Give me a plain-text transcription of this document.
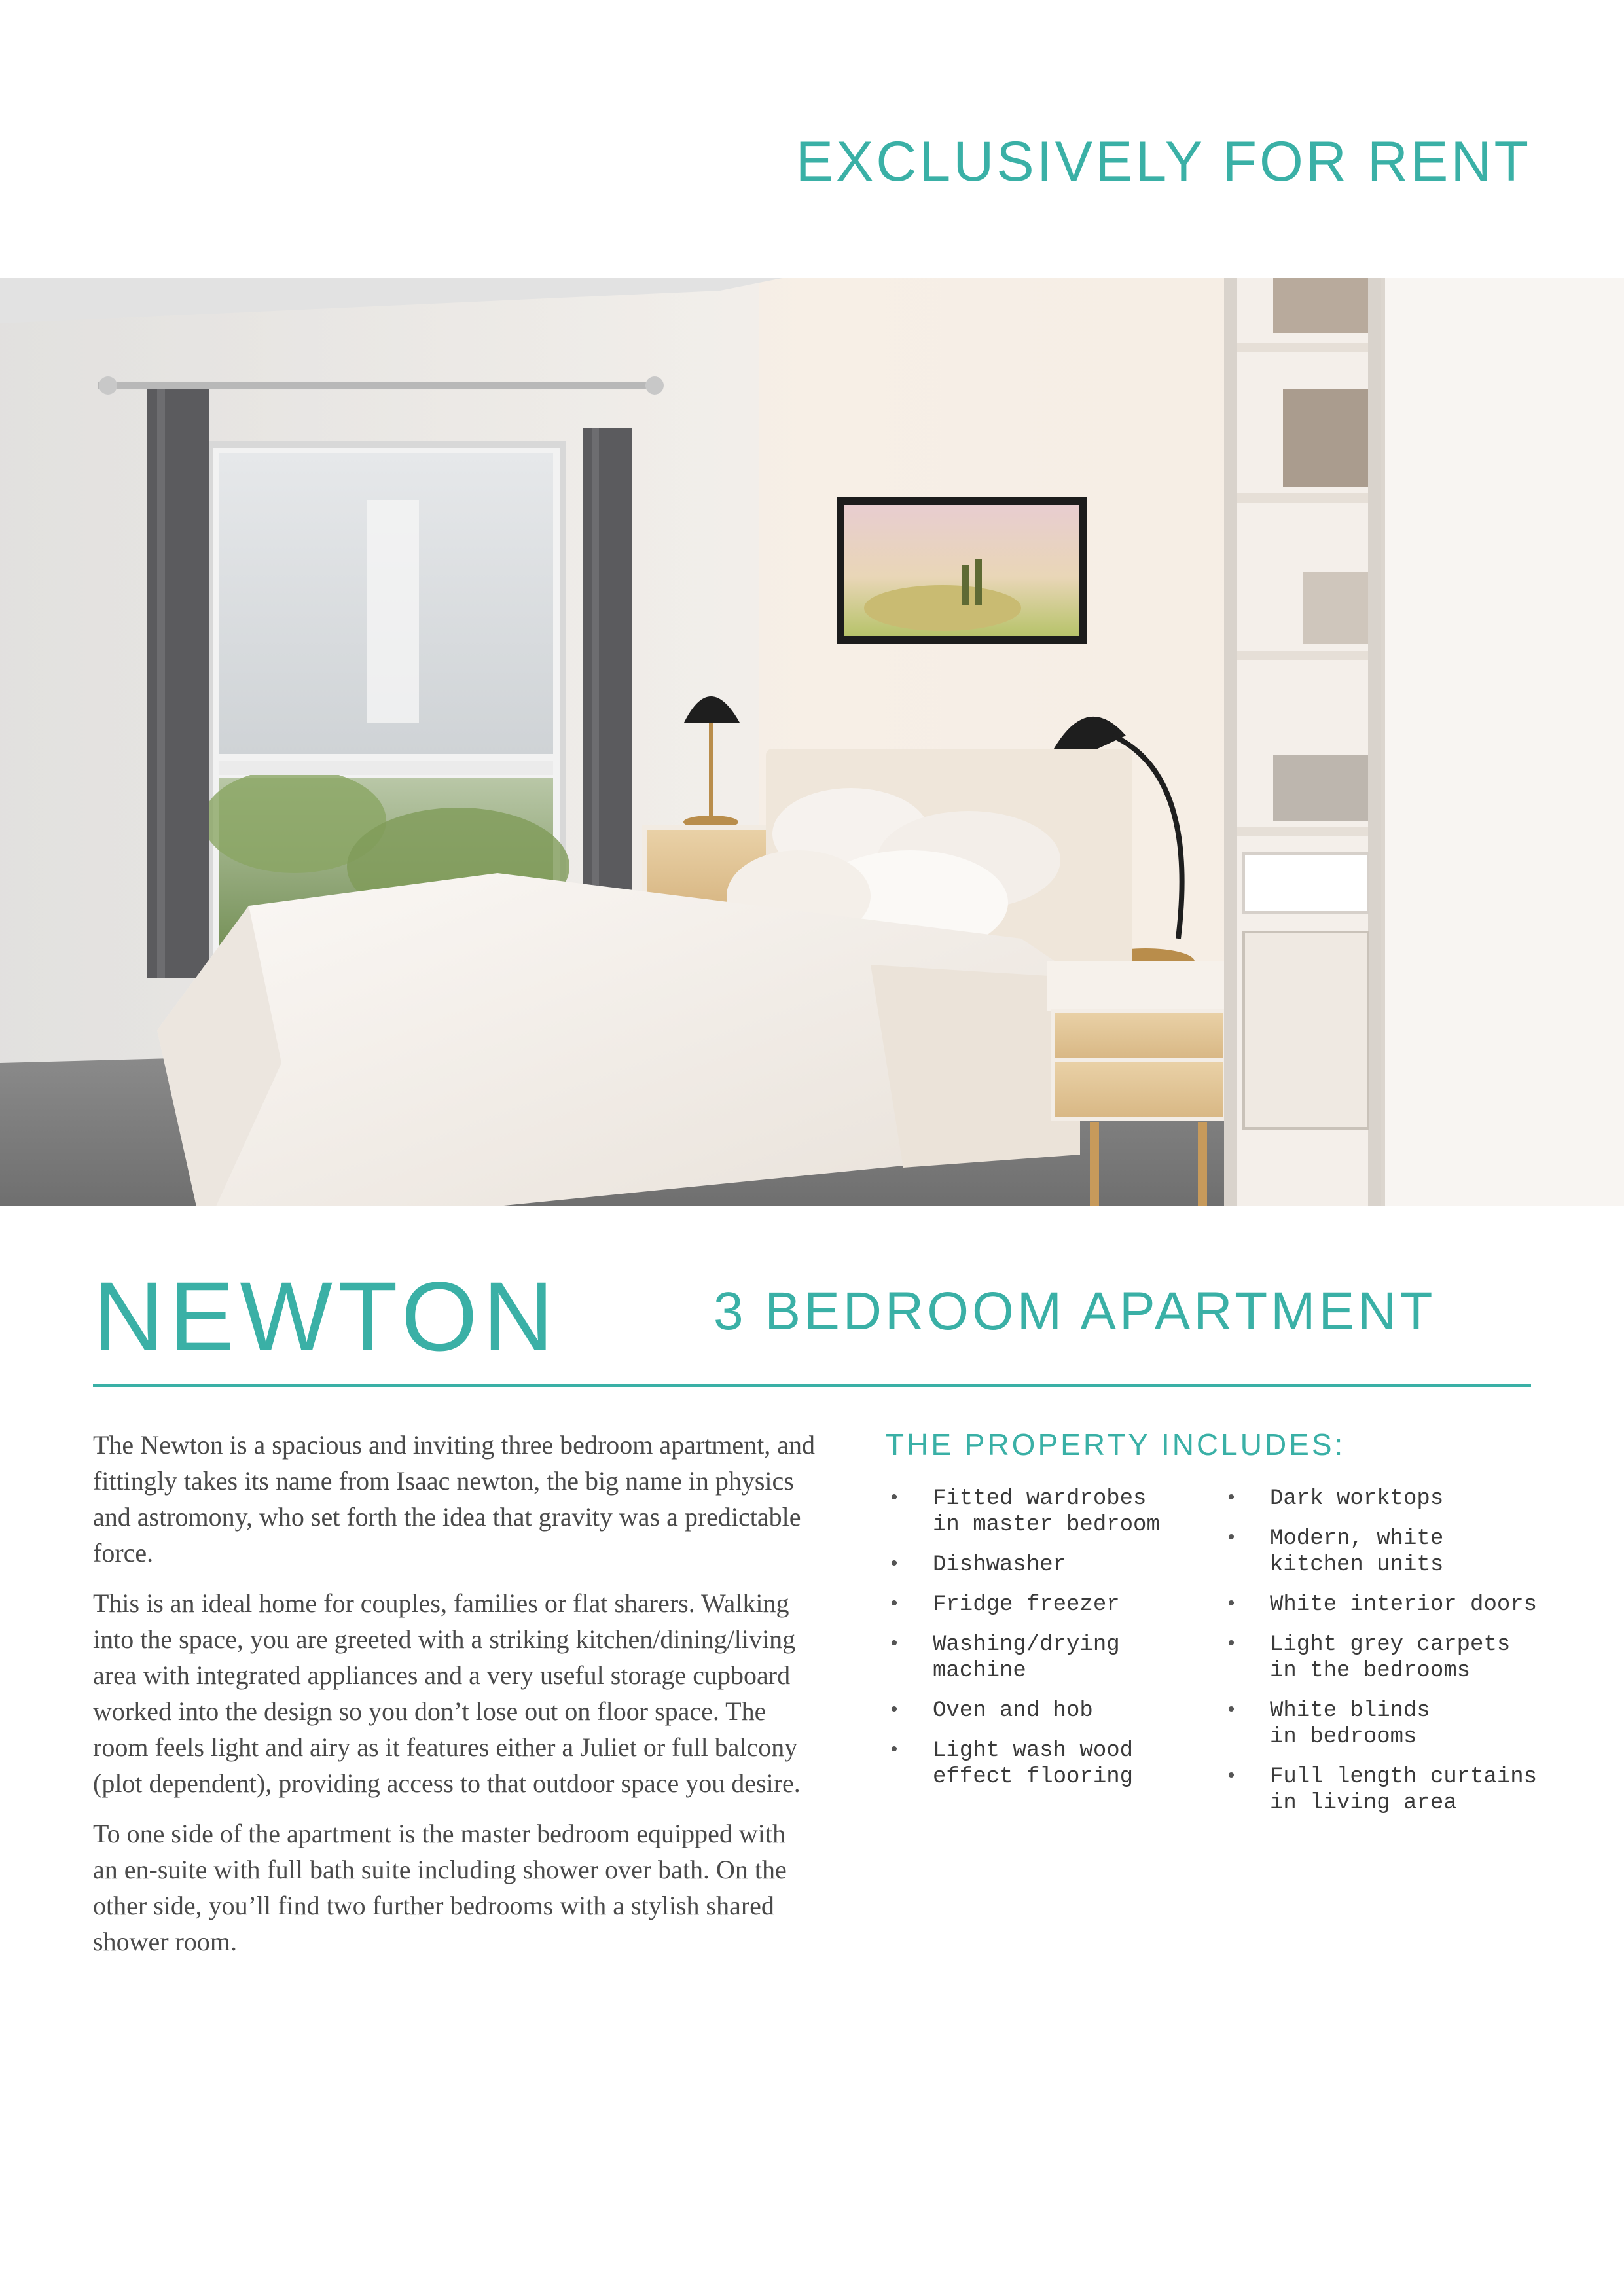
EXCLUSIVELY FOR RENT
NEWTON	3 BEDROOM APARTMENT

The Newton is a spacious and inviting three bedroom apartment, and fittingly takes its name from Isaac newton, the big name in physics and astromony, who set forth the idea that gravity was a predictable force.

This is an ideal home for couples, families or flat sharers. Walking into the space, you are greeted with a striking kitchen/dining/living area with integrated appliances and a very useful storage cupboard worked into the design so you don’t lose out on floor space. The room feels light and airy as it features either a Juliet or full balcony (plot dependent), providing access to that outdoor space you desire.

To one side of the apartment is the master bedroom equipped with an en-suite with full bath suite including shower over bath. On the other side, you’ll find two further bedrooms with a stylish shared shower room.

THE PROPERTY INCLUDES:
• Fitted wardrobes
in master bedroom
• Dishwasher
• Fridge freezer
• Washing/drying
machine
• Oven and hob
• Light wash wood
effect flooring
• Dark worktops
• Modern, white
kitchen units
• White interior doors
• Light grey carpets
in the bedrooms
• White blinds
in bedrooms
• Full length curtains
in living area
